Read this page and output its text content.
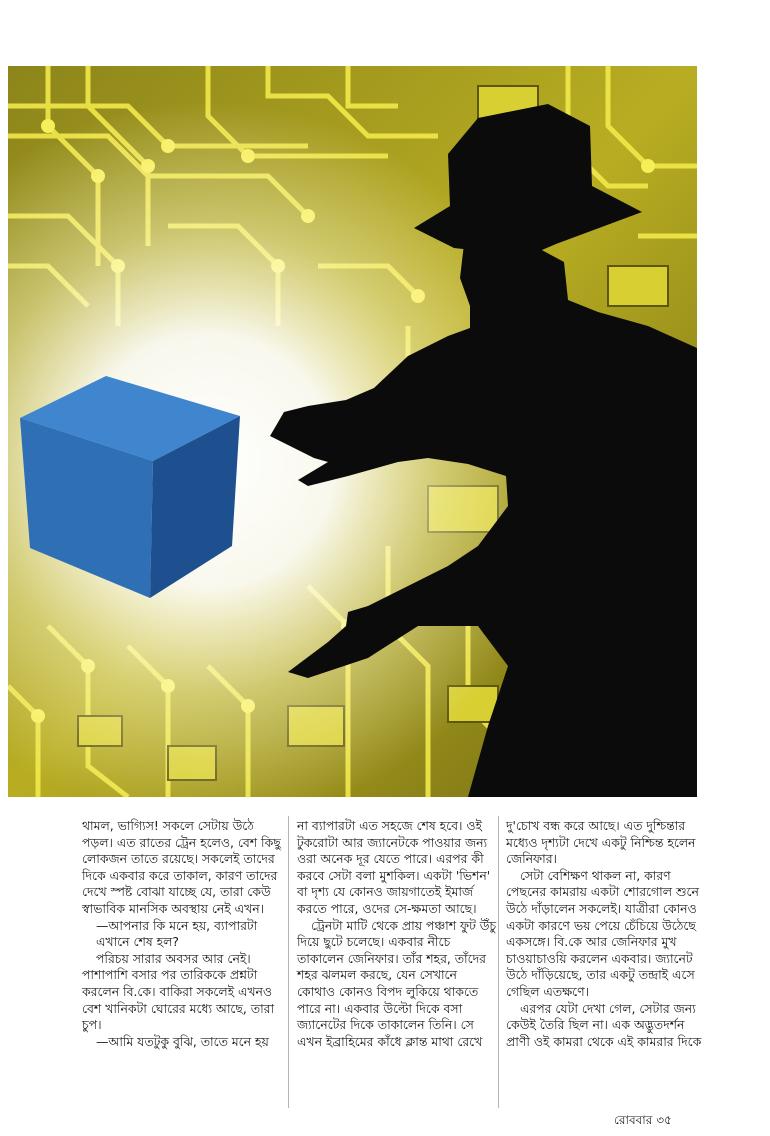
থামল, ভাগ্যিস! সকলে সেটায় উঠে
পড়ল। এত রাতের ট্রেন হলেও, বেশ কিছু
লোকজন তাতে রয়েছে। সকলেই তাদের
দিকে একবার করে তাকাল, কারণ তাদের
দেখে স্পষ্ট বোঝা যাচ্ছে যে, তারা কেউ
স্বাভাবিক মানসিক অবস্থায় নেই এখন।
—আপনার কি মনে হয়, ব্যাপারটা
এখানে শেষ হল?
পরিচয় সারার অবসর আর নেই।
পাশাপাশি বসার পর তারিককে প্রশ্নটা
করলেন বি.কে। বাকিরা সকলেই এখনও
বেশ খানিকটা ঘোরের মধ্যে আছে, তারা
চুপ।
—আমি যতটুকু বুঝি, তাতে মনে হয়
না ব্যাপারটা এত সহজে শেষ হবে। ওই
টুকরোটা আর জ্যানেটকে পাওয়ার জন্য
ওরা অনেক দূর যেতে পারে। এরপর কী
করবে সেটা বলা মুশকিল। একটা 'ভিশন'
বা দৃশ্য যে কোনও জায়গাতেই ইমার্জ
করতে পারে, ওদের সে-ক্ষমতা আছে।
ট্রেনটা মাটি থেকে প্রায় পঞ্চাশ ফুট উঁচু
দিয়ে ছুটে চলেছে। একবার নীচে
তাকালেন জেনিফার। তাঁর শহর, তাঁদের
শহর ঝলমল করছে, যেন সেখানে
কোথাও কোনও বিপদ লুকিয়ে থাকতে
পারে না। একবার উল্টো দিকে বসা
জ্যানেটের দিকে তাকালেন তিনি। সে
এখন ইব্রাহিমের কাঁধে ক্লান্ত মাথা রেখে
দু'চোখ বন্ধ করে আছে। এত দুশ্চিন্তার
মধ্যেও দৃশ্যটা দেখে একটু নিশ্চিন্ত হলেন
জেনিফার।
সেটা বেশিক্ষণ থাকল না, কারণ
পেছনের কামরায় একটা শোরগোল শুনে
উঠে দাঁড়ালেন সকলেই। যাত্রীরা কোনও
একটা কারণে ভয় পেয়ে চেঁচিয়ে উঠেছে
একসঙ্গে। বি.কে আর জেনিফার মুখ
চাওয়াচাওয়ি করলেন একবার। জ্যানেট
উঠে দাঁড়িয়েছে, তার একটু তন্দ্রাই এসে
গেছিল এতক্ষণে।
এরপর যেটা দেখা গেল, সেটার জন্য
কেউই তৈরি ছিল না। এক অদ্ভুতদর্শন
প্রাণী ওই কামরা থেকে এই কামরার দিকে
রোববার ৩৫
